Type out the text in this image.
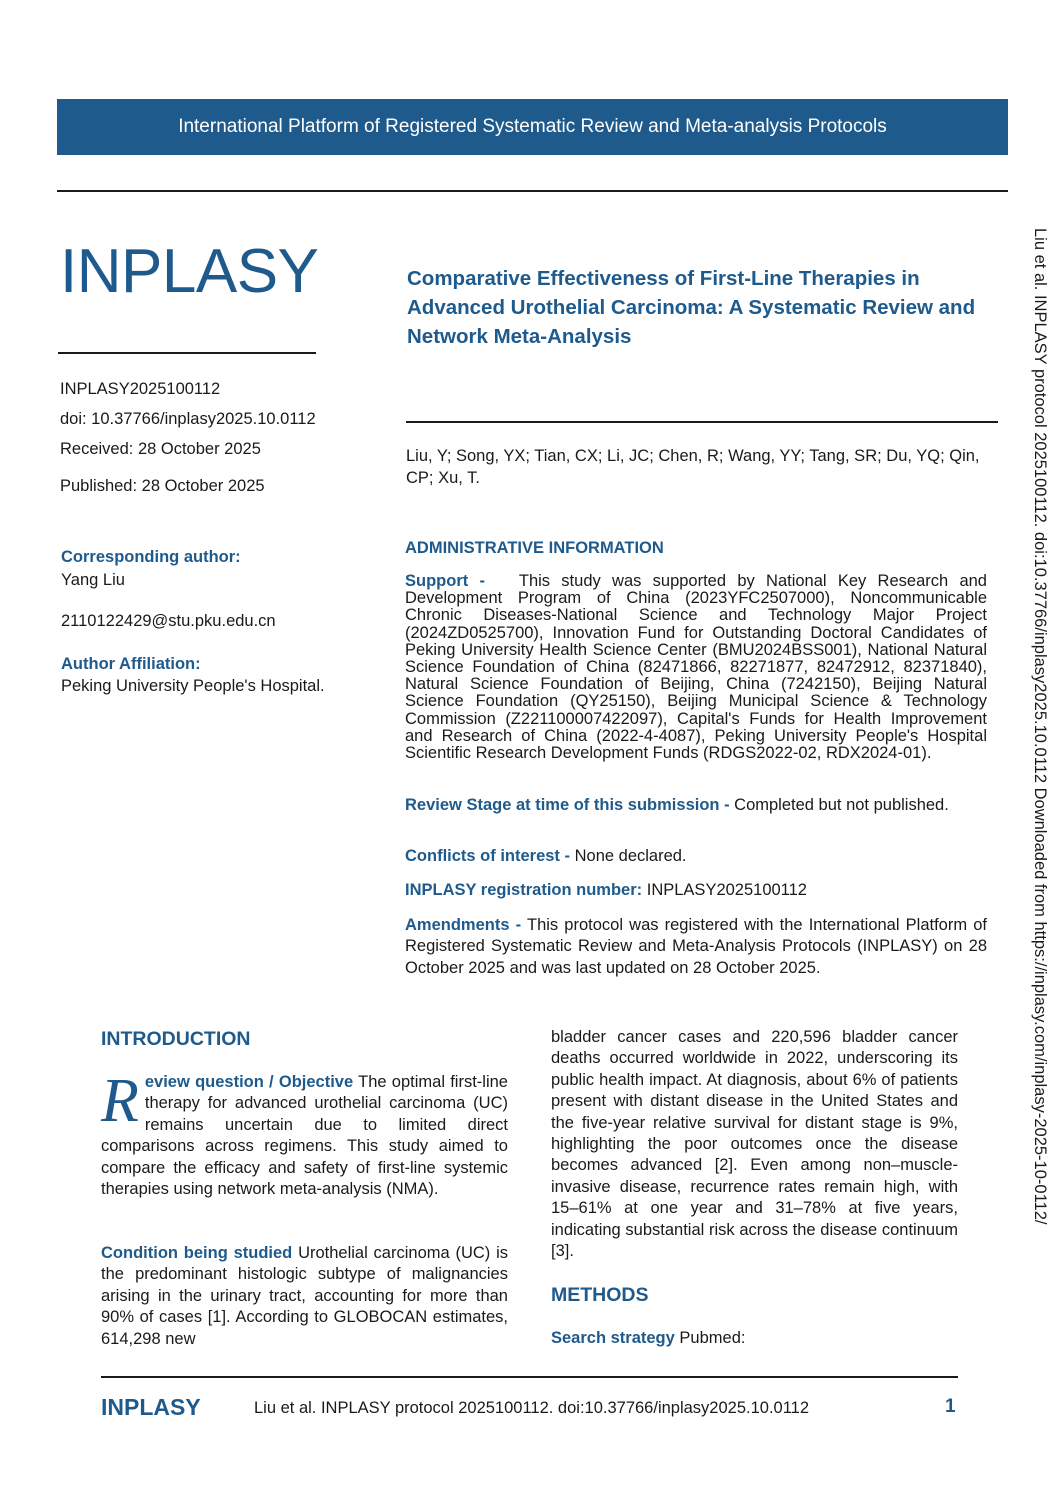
International Platform of Registered Systematic Review and Meta-analysis Protocols
INPLASY
INPLASY2025100112
doi: 10.37766/inplasy2025.10.0112
Received: 28 October 2025
Published: 28 October 2025
Corresponding author:
Yang Liu
2110122429@stu.pku.edu.cn
Author Affiliation:
Peking University People's Hospital.
Comparative Effectiveness of First-Line Therapies in Advanced Urothelial Carcinoma: A Systematic Review and Network Meta-Analysis
Liu, Y; Song, YX; Tian, CX; Li, JC; Chen, R; Wang, YY; Tang, SR; Du, YQ; Qin, CP; Xu, T.
ADMINISTRATIVE INFORMATION
Support - This study was supported by National Key Research and Development Program of China (2023YFC2507000), Noncommunicable Chronic Diseases-National Science and Technology Major Project (2024ZD0525700), Innovation Fund for Outstanding Doctoral Candidates of Peking University Health Science Center (BMU2024BSS001), National Natural Science Foundation of China (82471866, 82271877, 82472912, 82371840), Natural Science Foundation of Beijing, China (7242150), Beijing Natural Science Foundation (QY25150), Beijing Municipal Science & Technology Commission (Z221100007422097), Capital's Funds for Health Improvement and Research of China (2022-4-4087), Peking University People's Hospital Scientific Research Development Funds (RDGS2022-02, RDX2024-01).
Review Stage at time of this submission - Completed but not published.
Conflicts of interest - None declared.
INPLASY registration number: INPLASY2025100112
Amendments - This protocol was registered with the International Platform of Registered Systematic Review and Meta-Analysis Protocols (INPLASY) on 28 October 2025 and was last updated on 28 October 2025.
INTRODUCTION
Review question / Objective The optimal first-line therapy for advanced urothelial carcinoma (UC) remains uncertain due to limited direct comparisons across regimens. This study aimed to compare the efficacy and safety of first-line systemic therapies using network meta-analysis (NMA).
Condition being studied Urothelial carcinoma (UC) is the predominant histologic subtype of malignancies arising in the urinary tract, accounting for more than 90% of cases [1]. According to GLOBOCAN estimates, 614,298 new
bladder cancer cases and 220,596 bladder cancer deaths occurred worldwide in 2022, underscoring its public health impact. At diagnosis, about 6% of patients present with distant disease in the United States and the five-year relative survival for distant stage is 9%, highlighting the poor outcomes once the disease becomes advanced [2]. Even among non–muscle-invasive disease, recurrence rates remain high, with 15–61% at one year and 31–78% at five years, indicating substantial risk across the disease continuum [3].
METHODS
Search strategy Pubmed:
Liu et al. INPLASY protocol 2025100112. doi:10.37766/inplasy2025.10.0112 Downloaded from https://inplasy.com/inplasy-2025-10-0112/
INPLASY	Liu et al. INPLASY protocol 2025100112. doi:10.37766/inplasy2025.10.0112	1
